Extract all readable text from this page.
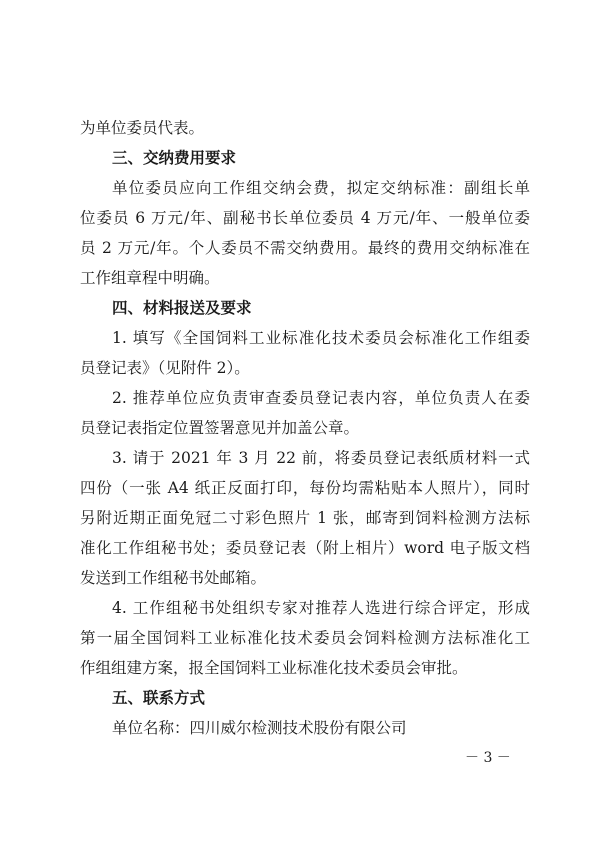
为单位委员代表。
三、交纳费用要求
单位委员应向工作组交纳会费，拟定交纳标准：副组长单
位委员 6 万元/年、副秘书长单位委员 4 万元/年、一般单位委
员 2 万元/年。个人委员不需交纳费用。最终的费用交纳标准在
工作组章程中明确。
四、材料报送及要求
1. 填写《全国饲料工业标准化技术委员会标准化工作组委
员登记表》（见附件 2）。
2. 推荐单位应负责审查委员登记表内容，单位负责人在委
员登记表指定位置签署意见并加盖公章。
3. 请于 2021 年 3 月 22 前，将委员登记表纸质材料一式
四份（一张 A4 纸正反面打印，每份均需粘贴本人照片），同时
另附近期正面免冠二寸彩色照片 1 张，邮寄到饲料检测方法标
准化工作组秘书处；委员登记表（附上相片）word 电子版文档
发送到工作组秘书处邮箱。
4. 工作组秘书处组织专家对推荐人选进行综合评定，形成
第一届全国饲料工业标准化技术委员会饲料检测方法标准化工
作组组建方案，报全国饲料工业标准化技术委员会审批。
五、联系方式
单位名称：四川威尔检测技术股份有限公司
－ 3 －
